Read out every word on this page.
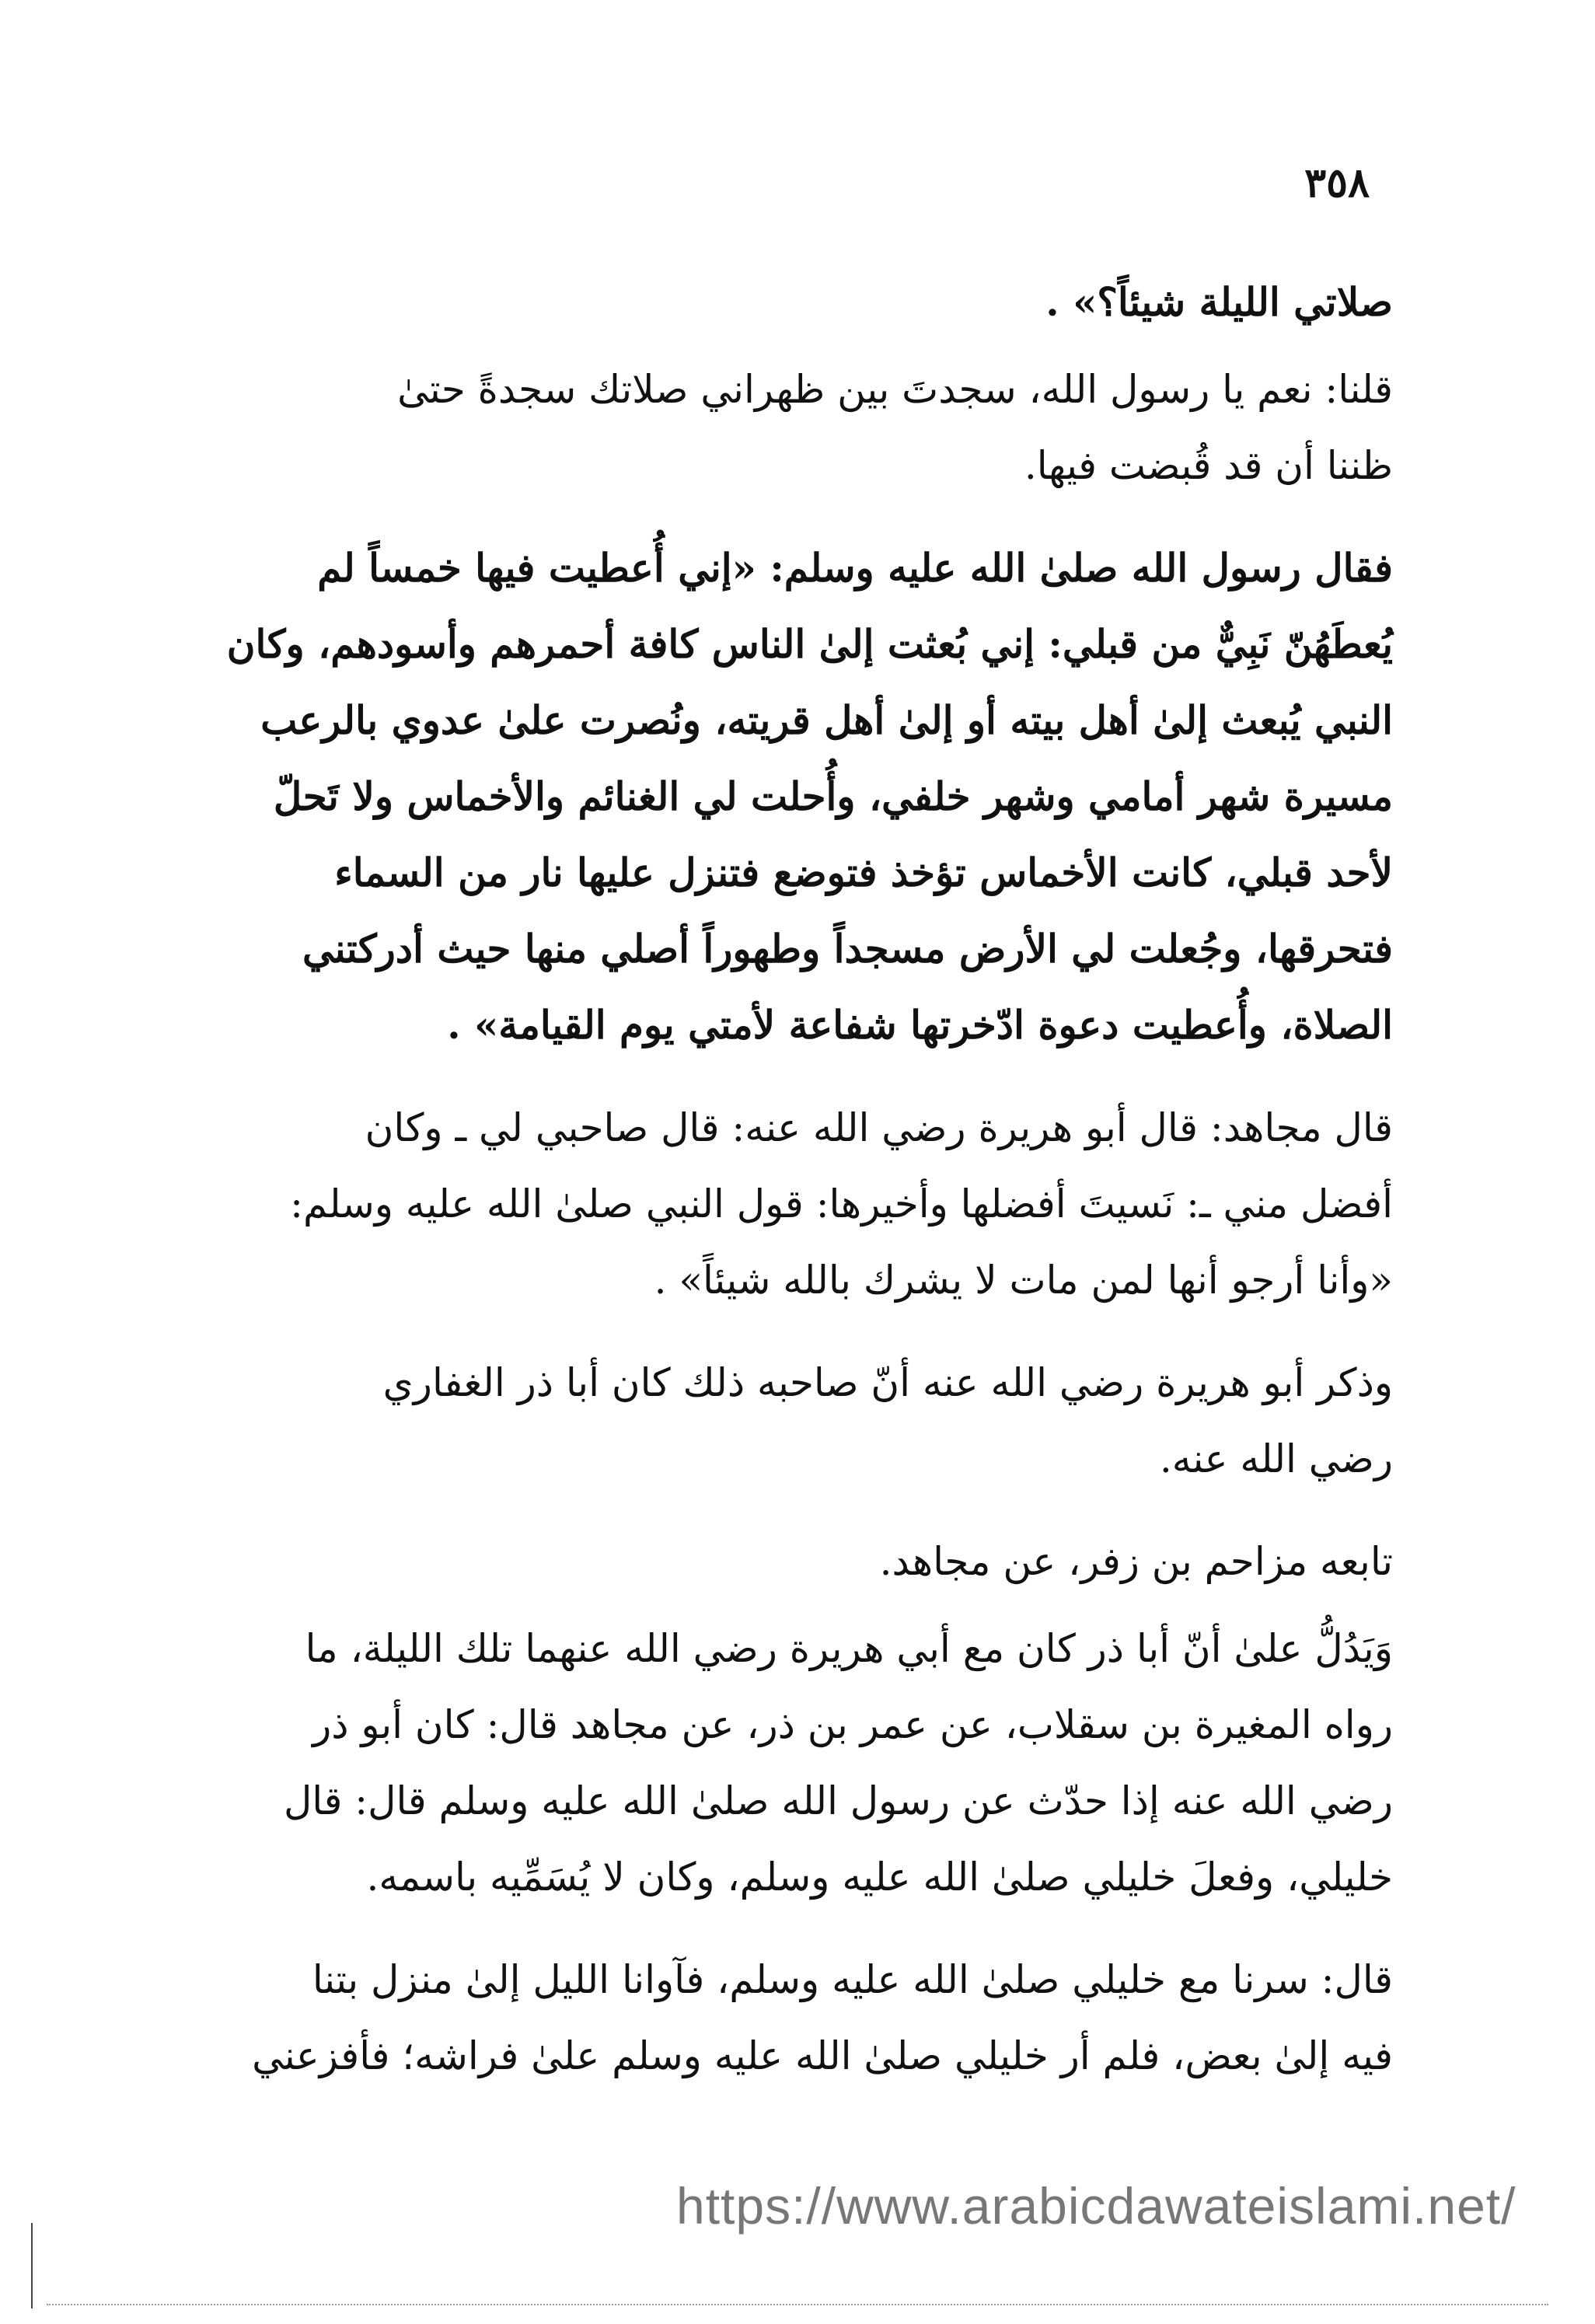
٣٥٨

صلاتي الليلة شيئاً؟» .

قلنا: نعم يا رسول الله، سجدتَ بين ظهراني صلاتك سجدةً حتىٰ
ظننا أن قد قُبضت فيها.

فقال رسول الله صلىٰ الله عليه وسلم: «إني أُعطيت فيها خمساً لم
يُعطَهُنّ نَبِيٌّ من قبلي: إني بُعثت إلىٰ الناس كافة أحمرهم وأسودهم، وكان
النبي يُبعث إلىٰ أهل بيته أو إلىٰ أهل قريته، ونُصرت علىٰ عدوي بالرعب
مسيرة شهر أمامي وشهر خلفي، وأُحلت لي الغنائم والأخماس ولا تَحلّ
لأحد قبلي، كانت الأخماس تؤخذ فتوضع فتنزل عليها نار من السماء
فتحرقها، وجُعلت لي الأرض مسجداً وطهوراً أصلي منها حيث أدركتني
الصلاة، وأُعطيت دعوة ادّخرتها شفاعة لأمتي يوم القيامة» .

قال مجاهد: قال أبو هريرة رضي الله عنه: قال صاحبي لي ـ وكان
أفضل مني ـ: نَسيتَ أفضلها وأخيرها: قول النبي صلىٰ الله عليه وسلم:
«وأنا أرجو أنها لمن مات لا يشرك بالله شيئاً» .

وذكر أبو هريرة رضي الله عنه أنّ صاحبه ذلك كان أبا ذر الغفاري
رضي الله عنه.

تابعه مزاحم بن زفر، عن مجاهد.

وَيَدُلُّ علىٰ أنّ أبا ذر كان مع أبي هريرة رضي الله عنهما تلك الليلة، ما
رواه المغيرة بن سقلاب، عن عمر بن ذر، عن مجاهد قال: كان أبو ذر
رضي الله عنه إذا حدّث عن رسول الله صلىٰ الله عليه وسلم قال: قال
خليلي، وفعلَ خليلي صلىٰ الله عليه وسلم، وكان لا يُسَمِّيه باسمه.

قال: سرنا مع خليلي صلىٰ الله عليه وسلم، فآوانا الليل إلىٰ منزل بتنا
فيه إلىٰ بعض، فلم أر خليلي صلىٰ الله عليه وسلم علىٰ فراشه؛ فأفزعني

https://www.arabicdawateislami.net/
